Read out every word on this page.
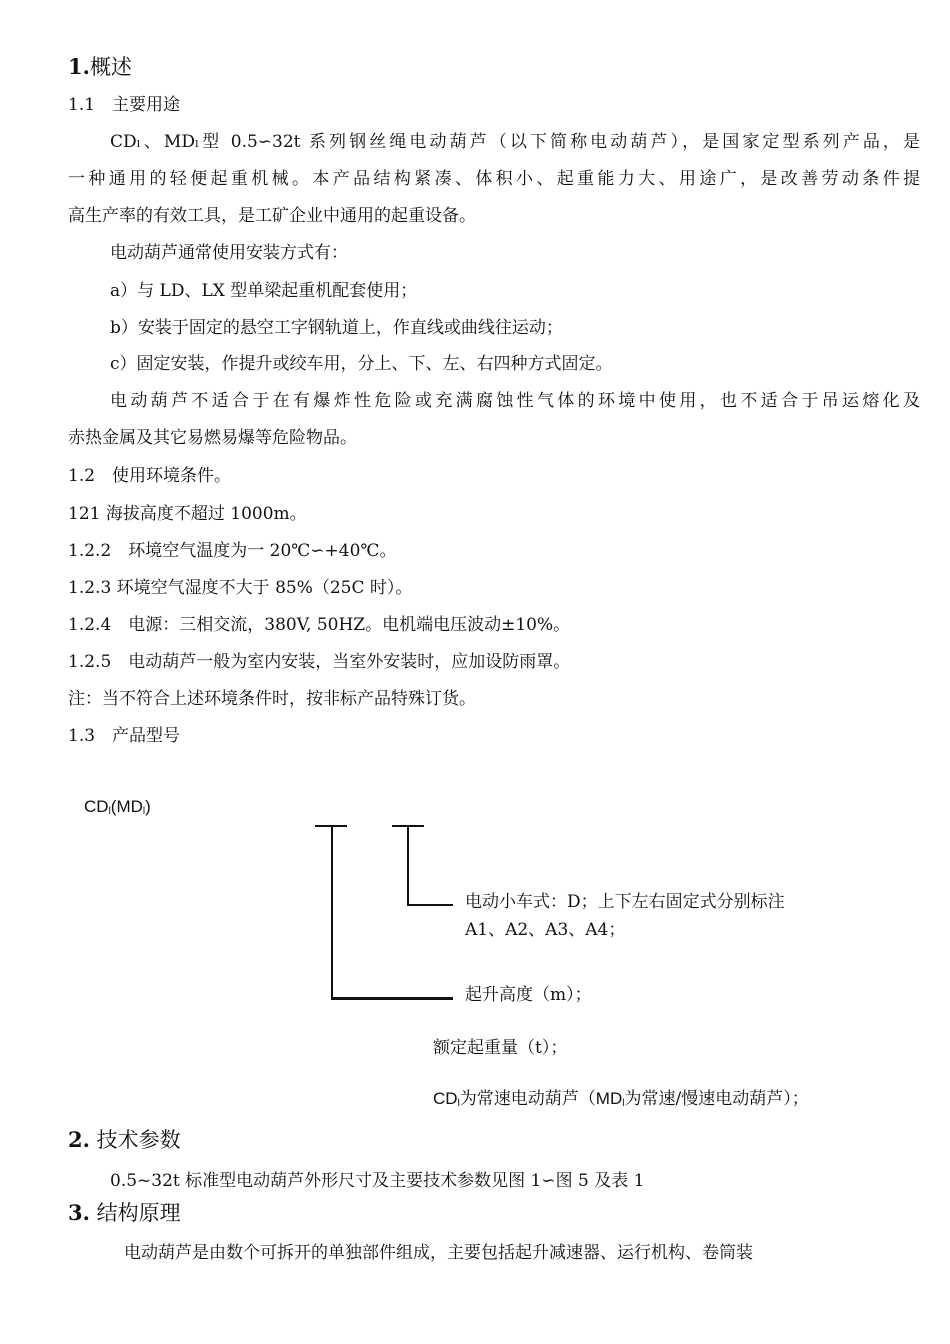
1.概述
1.1　主要用途
CDₗ、MDₗ型 0.5∽32t 系列钢丝绳电动葫芦（以下简称电动葫芦），是国家定型系列产品，是
一种通用的轻便起重机械。本产品结构紧凑、体积小、起重能力大、用途广，是改善劳动条件提
高生产率的有效工具，是工矿企业中通用的起重设备。
电动葫芦通常使用安装方式有：
a）与 LD、LX 型单梁起重机配套使用；
b）安装于固定的悬空工字钢轨道上，作直线或曲线往运动；
c）固定安装，作提升或绞车用，分上、下、左、右四种方式固定。
电动葫芦不适合于在有爆炸性危险或充满腐蚀性气体的环境中使用，也不适合于吊运熔化及
赤热金属及其它易燃易爆等危险物品。
1.2　使用环境条件。
121 海拔高度不超过 1000m。
1.2.2　环境空气温度为一 20℃∽+40℃。
1.2.3 环境空气湿度不大于 85%（25C 时）。
1.2.4　电源：三相交流，380V, 50HZ。电机端电压波动±10%。
1.2.5　电动葫芦一般为室内安装，当室外安装时，应加设防雨罩。
注：当不符合上述环境条件时，按非标产品特殊订货。
1.3　产品型号
$CD_l(MD_l)$
电动小车式：D；上下左右固定式分别标注
A1、A2、A3、A4；
起升高度（m）；
额定起重量（t）；
$CD_l$为常速电动葫芦（$MD_l$为常速/慢速电动葫芦）；
2. 技术参数
0.5~32t 标准型电动葫芦外形尺寸及主要技术参数见图 1∽图 5 及表 1
3. 结构原理
电动葫芦是由数个可拆开的单独部件组成，主要包括起升减速器、运行机构、卷筒装
